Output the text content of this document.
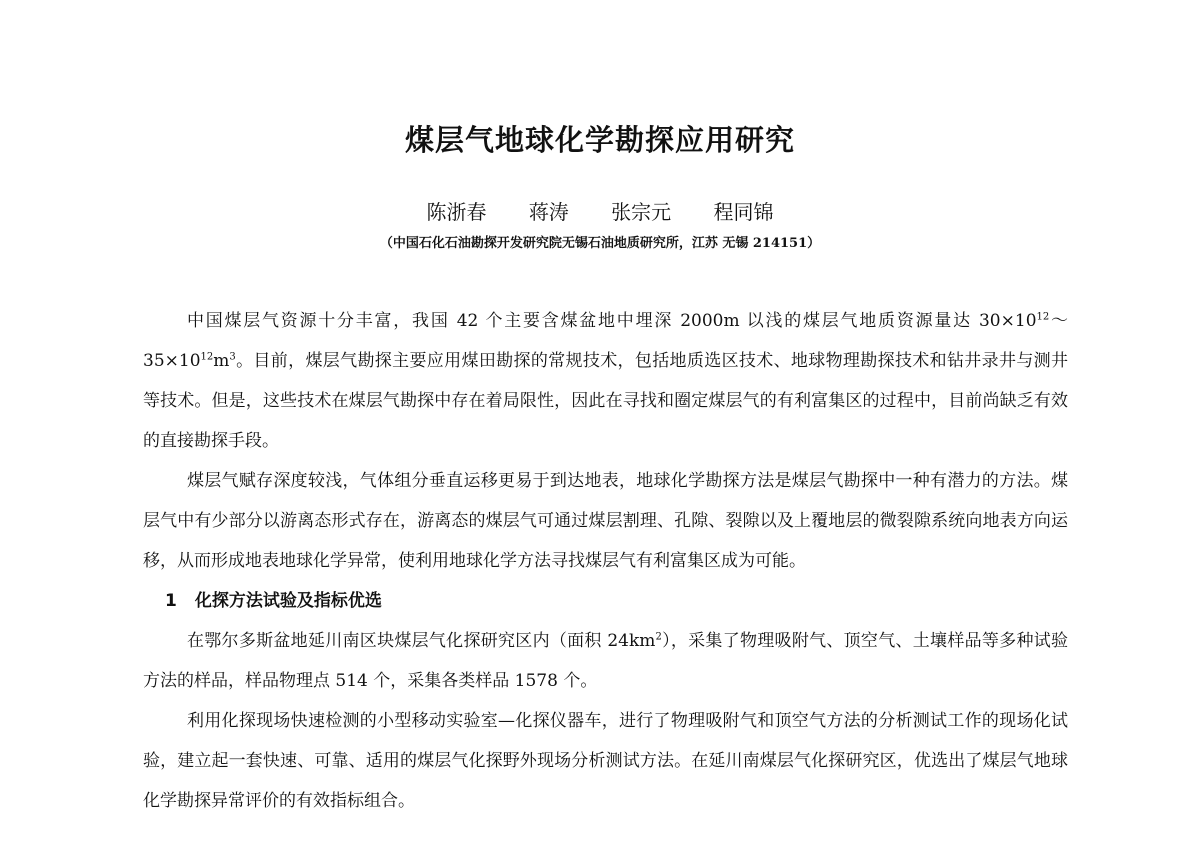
煤层气地球化学勘探应用研究
陈浙春 蒋涛 张宗元 程同锦
（中国石化石油勘探开发研究院无锡石油地质研究所，江苏 无锡 214151）

中国煤层气资源十分丰富，我国 42 个主要含煤盆地中埋深 2000m 以浅的煤层气地质资源量达 $30\times 10^{12}\sim 35\times 10^{12}m^3$。目前，煤层气勘探主要应用煤田勘探的常规技术，包括地质选区技术、地球物理勘探技术和钻井录井与测井等技术。但是，这些技术在煤层气勘探中存在着局限性，因此在寻找和圈定煤层气的有利富集区的过程中，目前尚缺乏有效的直接勘探手段。

煤层气赋存深度较浅，气体组分垂直运移更易于到达地表，地球化学勘探方法是煤层气勘探中一种有潜力的方法。煤层气中有少部分以游离态形式存在，游离态的煤层气可通过煤层割理、孔隙、裂隙以及上覆地层的微裂隙系统向地表方向运移，从而形成地表地球化学异常，使利用地球化学方法寻找煤层气有利富集区成为可能。

1 化探方法试验及指标优选

在鄂尔多斯盆地延川南区块煤层气化探研究区内（面积 $24km^2$），采集了物理吸附气、顶空气、土壤样品等多种试验方法的样品，样品物理点 514 个，采集各类样品 1578 个。

利用化探现场快速检测的小型移动实验室—化探仪器车，进行了物理吸附气和顶空气方法的分析测试工作的现场化试验，建立起一套快速、可靠、适用的煤层气化探野外现场分析测试方法。在延川南煤层气化探研究区，优选出了煤层气地球化学勘探异常评价的有效指标组合。
